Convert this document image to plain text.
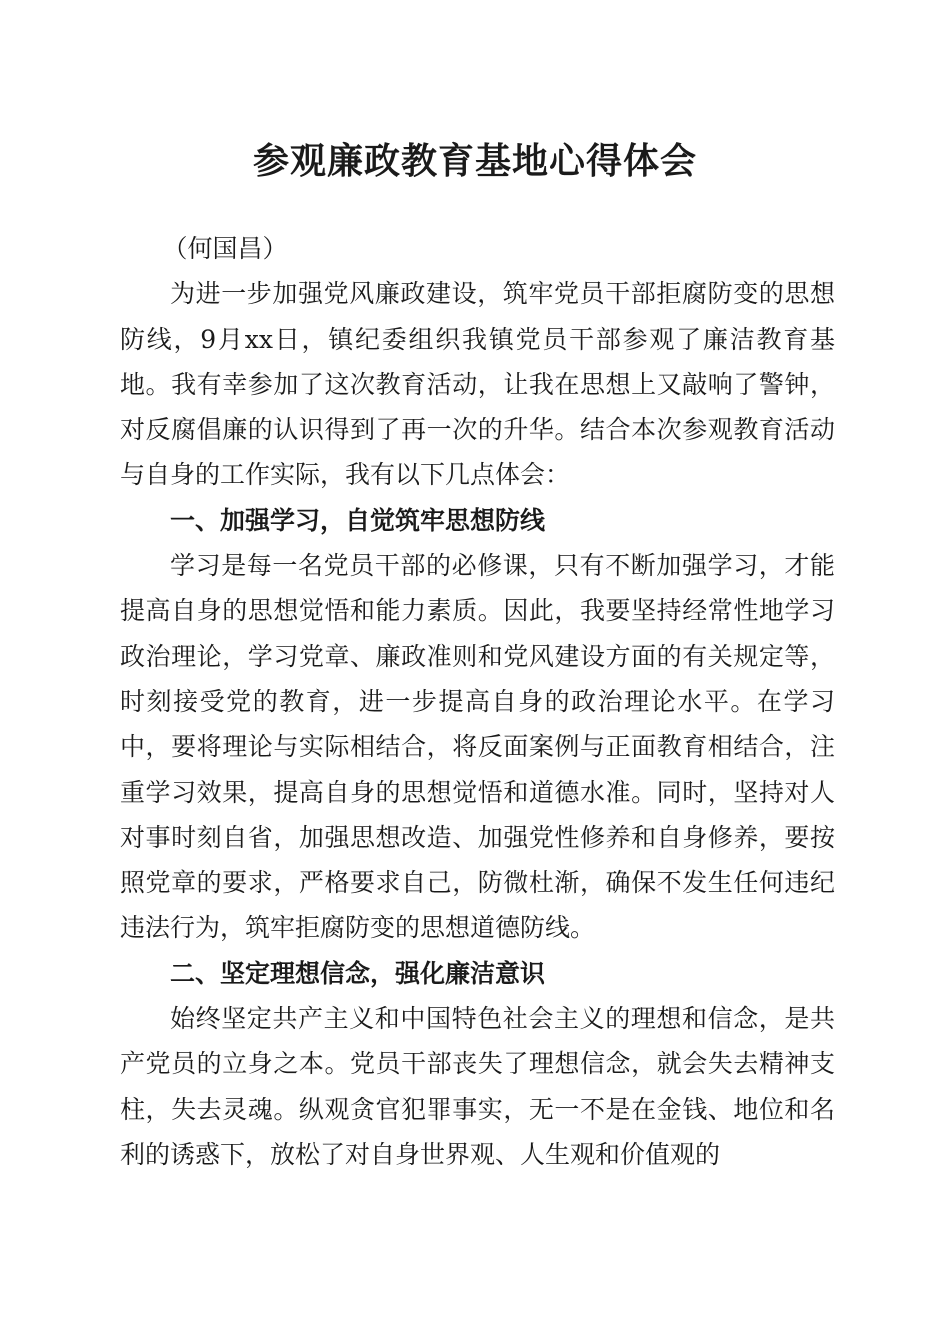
参观廉政教育基地心得体会

（何国昌）

为进一步加强党风廉政建设，筑牢党员干部拒腐防变的思想防线，9月xx日，镇纪委组织我镇党员干部参观了廉洁教育基地。我有幸参加了这次教育活动，让我在思想上又敲响了警钟，对反腐倡廉的认识得到了再一次的升华。结合本次参观教育活动与自身的工作实际，我有以下几点体会：

一、加强学习，自觉筑牢思想防线

学习是每一名党员干部的必修课，只有不断加强学习，才能提高自身的思想觉悟和能力素质。因此，我要坚持经常性地学习政治理论，学习党章、廉政准则和党风建设方面的有关规定等，时刻接受党的教育，进一步提高自身的政治理论水平。在学习中，要将理论与实际相结合，将反面案例与正面教育相结合，注重学习效果，提高自身的思想觉悟和道德水准。同时，坚持对人对事时刻自省，加强思想改造、加强党性修养和自身修养，要按照党章的要求，严格要求自己，防微杜渐，确保不发生任何违纪违法行为，筑牢拒腐防变的思想道德防线。

二、坚定理想信念，强化廉洁意识

始终坚定共产主义和中国特色社会主义的理想和信念，是共产党员的立身之本。党员干部丧失了理想信念，就会失去精神支柱，失去灵魂。纵观贪官犯罪事实，无一不是在金钱、地位和名利的诱惑下，放松了对自身世界观、人生观和价值观的
